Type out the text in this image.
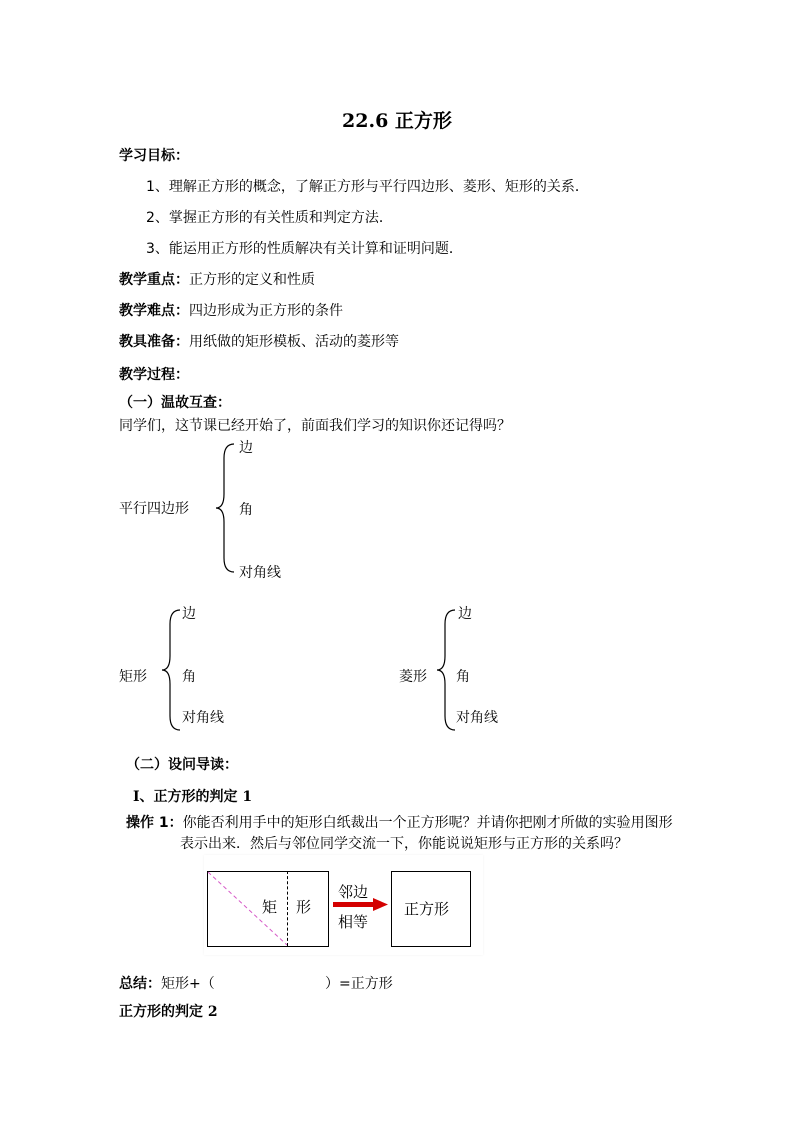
22.6 正方形
学习目标：
1、理解正方形的概念，了解正方形与平行四边形、菱形、矩形的关系．
2、掌握正方形的有关性质和判定方法．
3、能运用正方形的性质解决有关计算和证明问题．
教学重点：正方形的定义和性质
教学难点：四边形成为正方形的条件
教具准备：用纸做的矩形模板、活动的菱形等
教学过程：
（一）温故互查：
同学们，这节课已经开始了，前面我们学习的知识你还记得吗？
平行四边形
边
角
对角线
矩形
边
角
对角线
菱形
边
角
对角线
（二）设问导读：
Ⅰ、正方形的判定 1
操作 1：你能否利用手中的矩形白纸裁出一个正方形呢？并请你把刚才所做的实验用图形
表示出来．然后与邻位同学交流一下，你能说说矩形与正方形的关系吗？
矩 形
邻边
相等
正方形
总结：矩形+（	）=正方形
正方形的判定 2
